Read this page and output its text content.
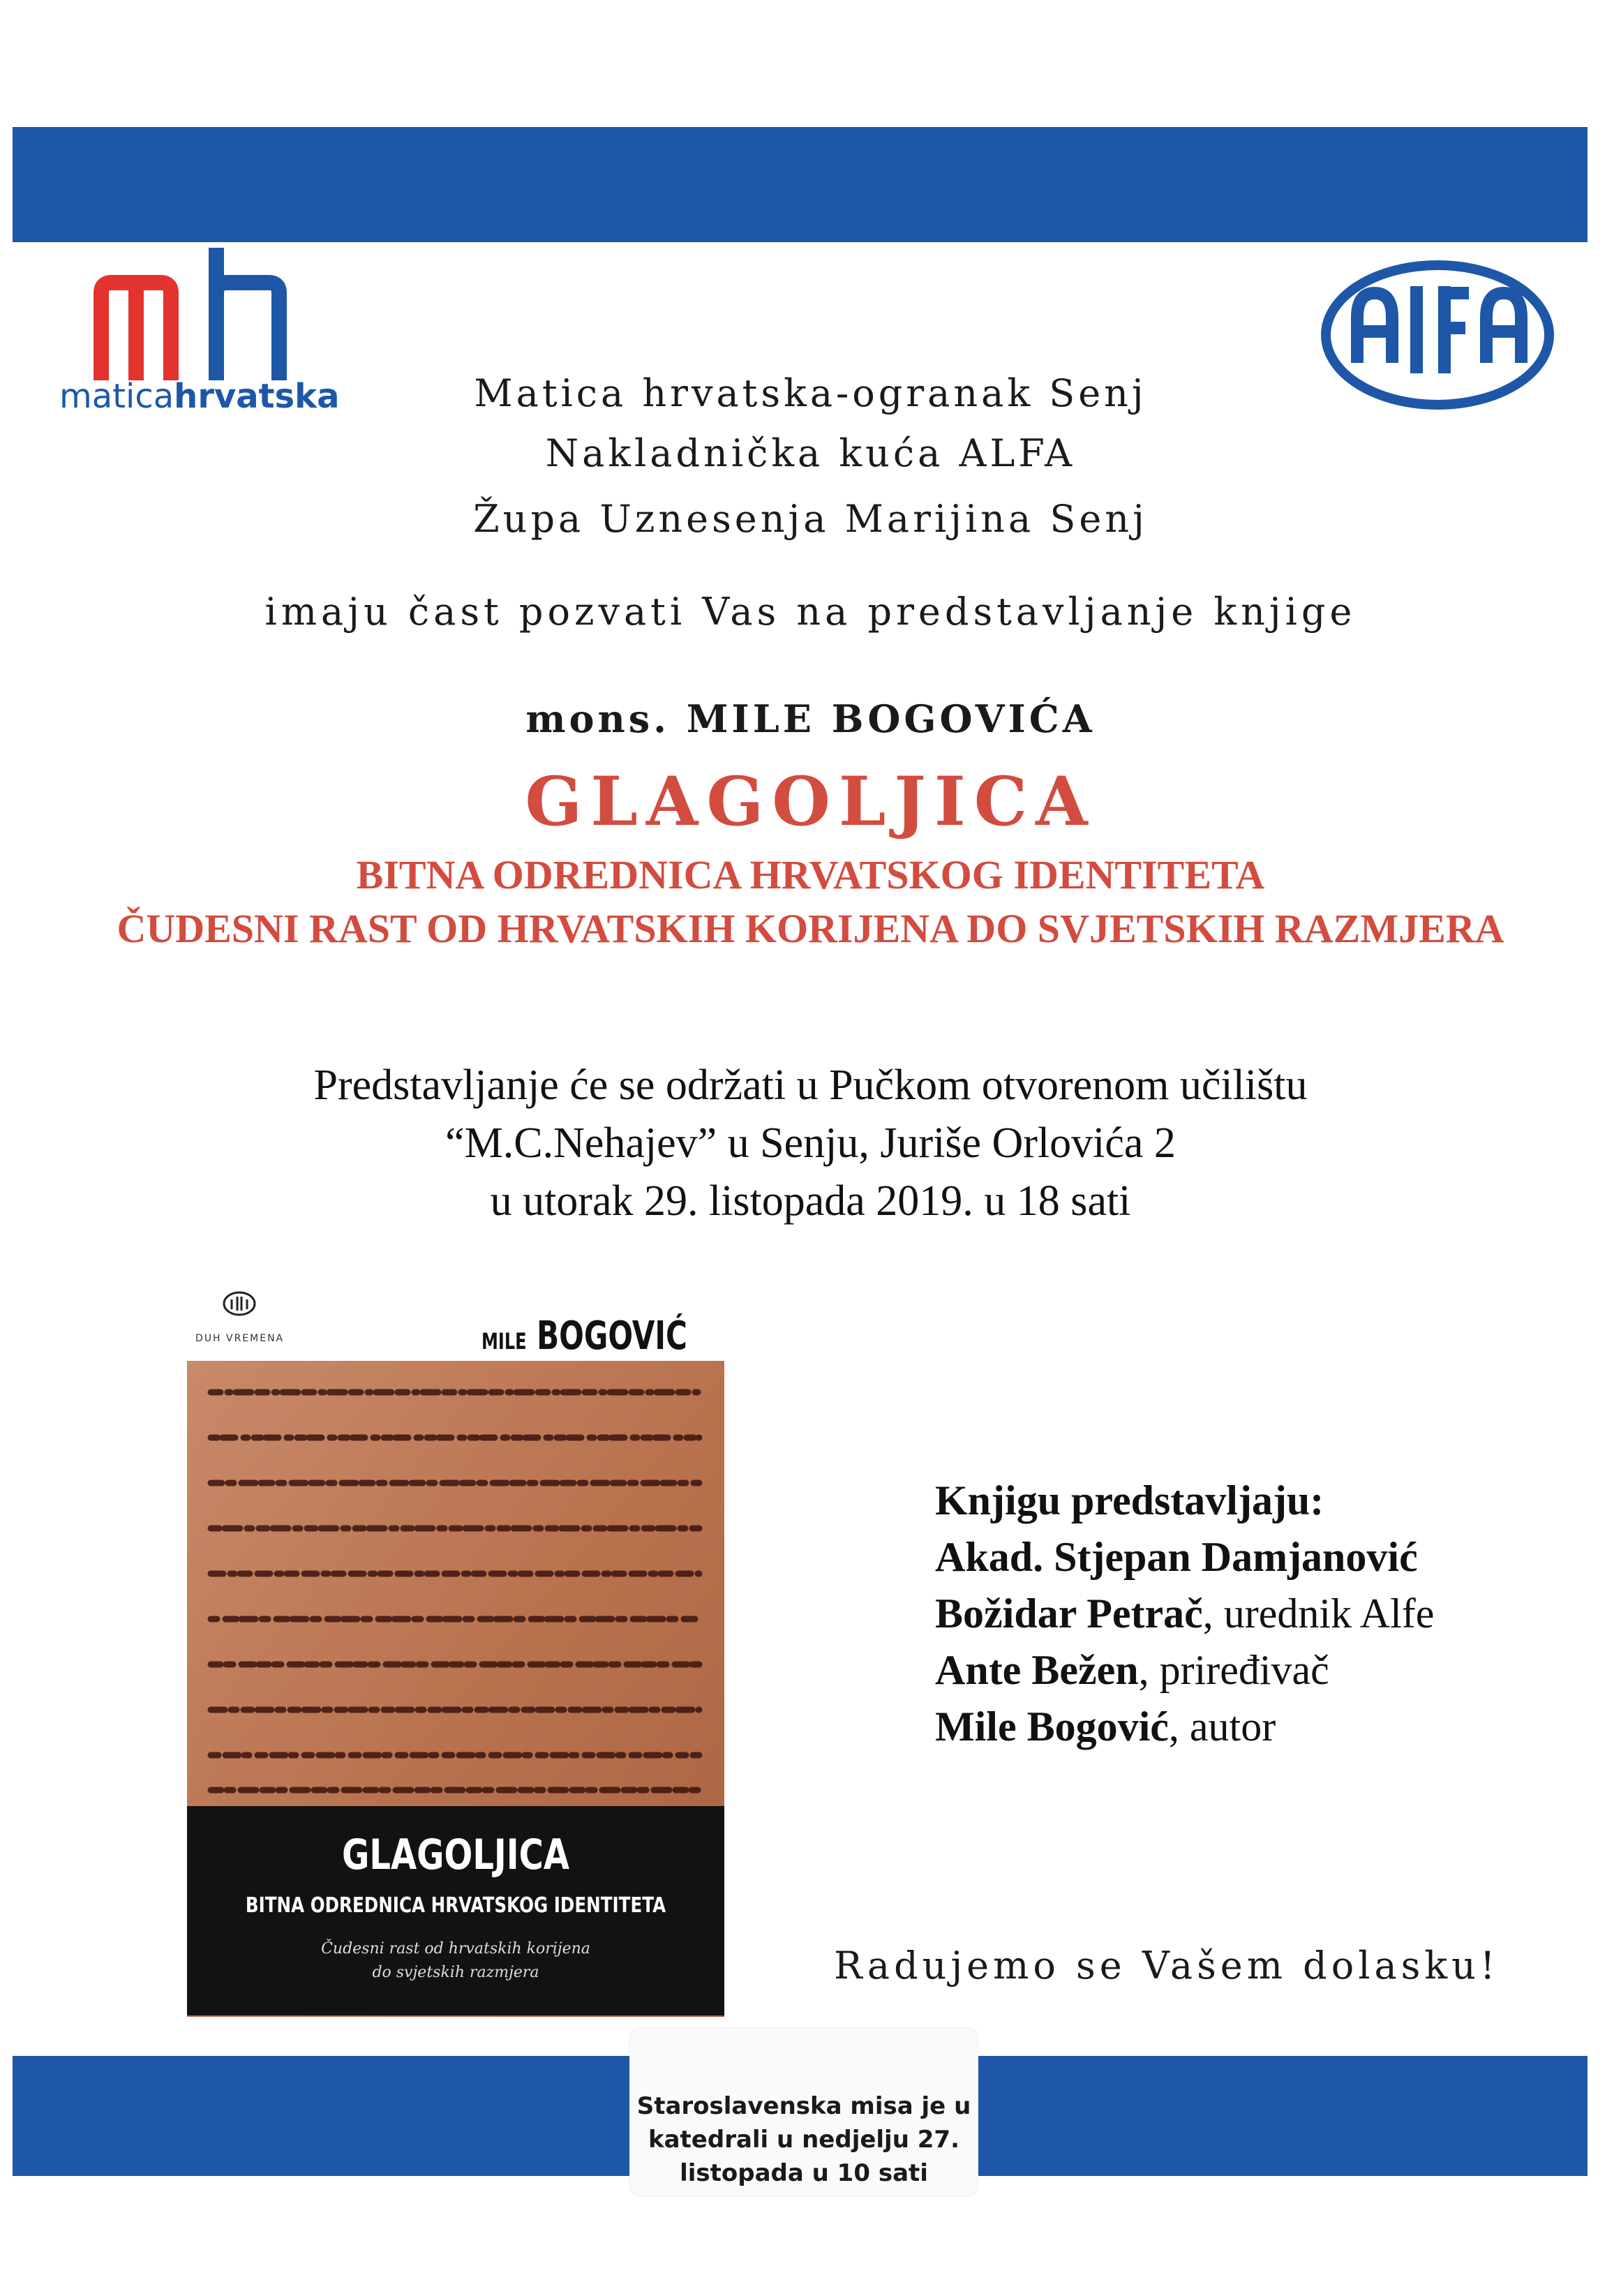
maticahrvatska	Matica hrvatska-ogranak Senj
Nakladnička kuća ALFA
Župa Uznesenja Marijina Senj
imaju čast pozvati Vas na predstavljanje knjige
mons. MILE BOGOVIĆA
GLAGOLJICA
BITNA ODREDNICA HRVATSKOG IDENTITETA
ČUDESNI RAST OD HRVATSKIH KORIJENA DO SVJETSKIH RAZMJERA
Predstavljanje će se održati u Pučkom otvorenom učilištu
“M.C.Nehajev” u Senju, Juriše Orlovića 2
u utorak 29. listopada 2019. u 18 sati
DUH VREMENA	MILE BOGOVIĆ
GLAGOLJICA
BITNA ODREDNICA HRVATSKOG IDENTITETA
Čudesni rast od hrvatskih korijena
do svjetskih razmjera
Knjigu predstavljaju:
Akad. Stjepan Damjanović
Božidar Petrač, urednik Alfe
Ante Bežen, priređivač
Mile Bogović, autor
Radujemo se Vašem dolasku!
Staroslavenska misa je u
katedrali u nedjelju 27.
listopada u 10 sati
